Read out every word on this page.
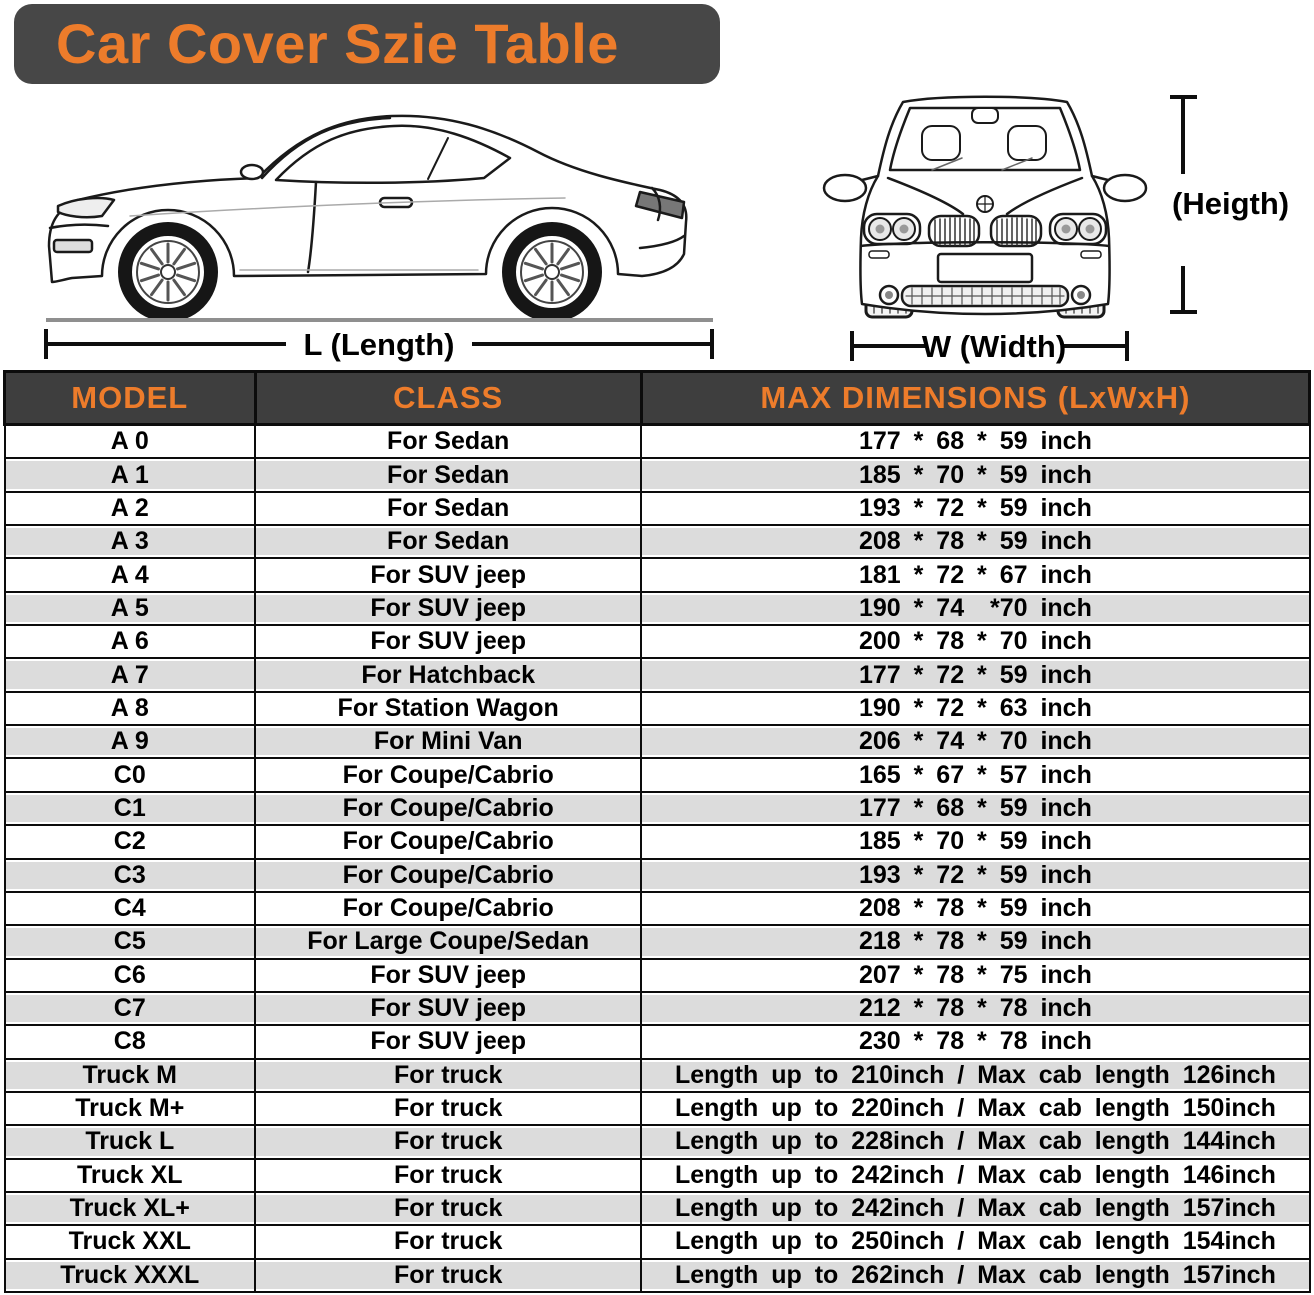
Car Cover Szie Table
L (Length)	W (Width)
(Heigth)
MODEL	CLASS	MAX DIMENSIONS (LxWxH)
A 0	For Sedan	177 * 68 * 59 inch
A 1	For Sedan	185 * 70 * 59 inch
A 2	For Sedan	193 * 72 * 59 inch
A 3	For Sedan	208 * 78 * 59 inch
A 4	For SUV jeep	181 * 72 * 67 inch
A 5	For SUV jeep	190 * 74  *70 inch
A 6	For SUV jeep	200 * 78 * 70 inch
A 7	For Hatchback	177 * 72 * 59 inch
A 8	For Station Wagon	190 * 72 * 63 inch
A 9	For Mini Van	206 * 74 * 70 inch
C0	For Coupe/Cabrio	165 * 67 * 57 inch
C1	For Coupe/Cabrio	177 * 68 * 59 inch
C2	For Coupe/Cabrio	185 * 70 * 59 inch
C3	For Coupe/Cabrio	193 * 72 * 59 inch
C4	For Coupe/Cabrio	208 * 78 * 59 inch
C5	For Large Coupe/Sedan	218 * 78 * 59 inch
C6	For SUV jeep	207 * 78 * 75 inch
C7	For SUV jeep	212 * 78 * 78 inch
C8	For SUV jeep	230 * 78 * 78 inch
Truck M	For truck	Length up to 210inch / Max cab length 126inch
Truck M+	For truck	Length up to 220inch / Max cab length 150inch
Truck L	For truck	Length up to 228inch / Max cab length 144inch
Truck XL	For truck	Length up to 242inch / Max cab length 146inch
Truck XL+	For truck	Length up to 242inch / Max cab length 157inch
Truck XXL	For truck	Length up to 250inch / Max cab length 154inch
Truck XXXL	For truck	Length up to 262inch / Max cab length 157inch
